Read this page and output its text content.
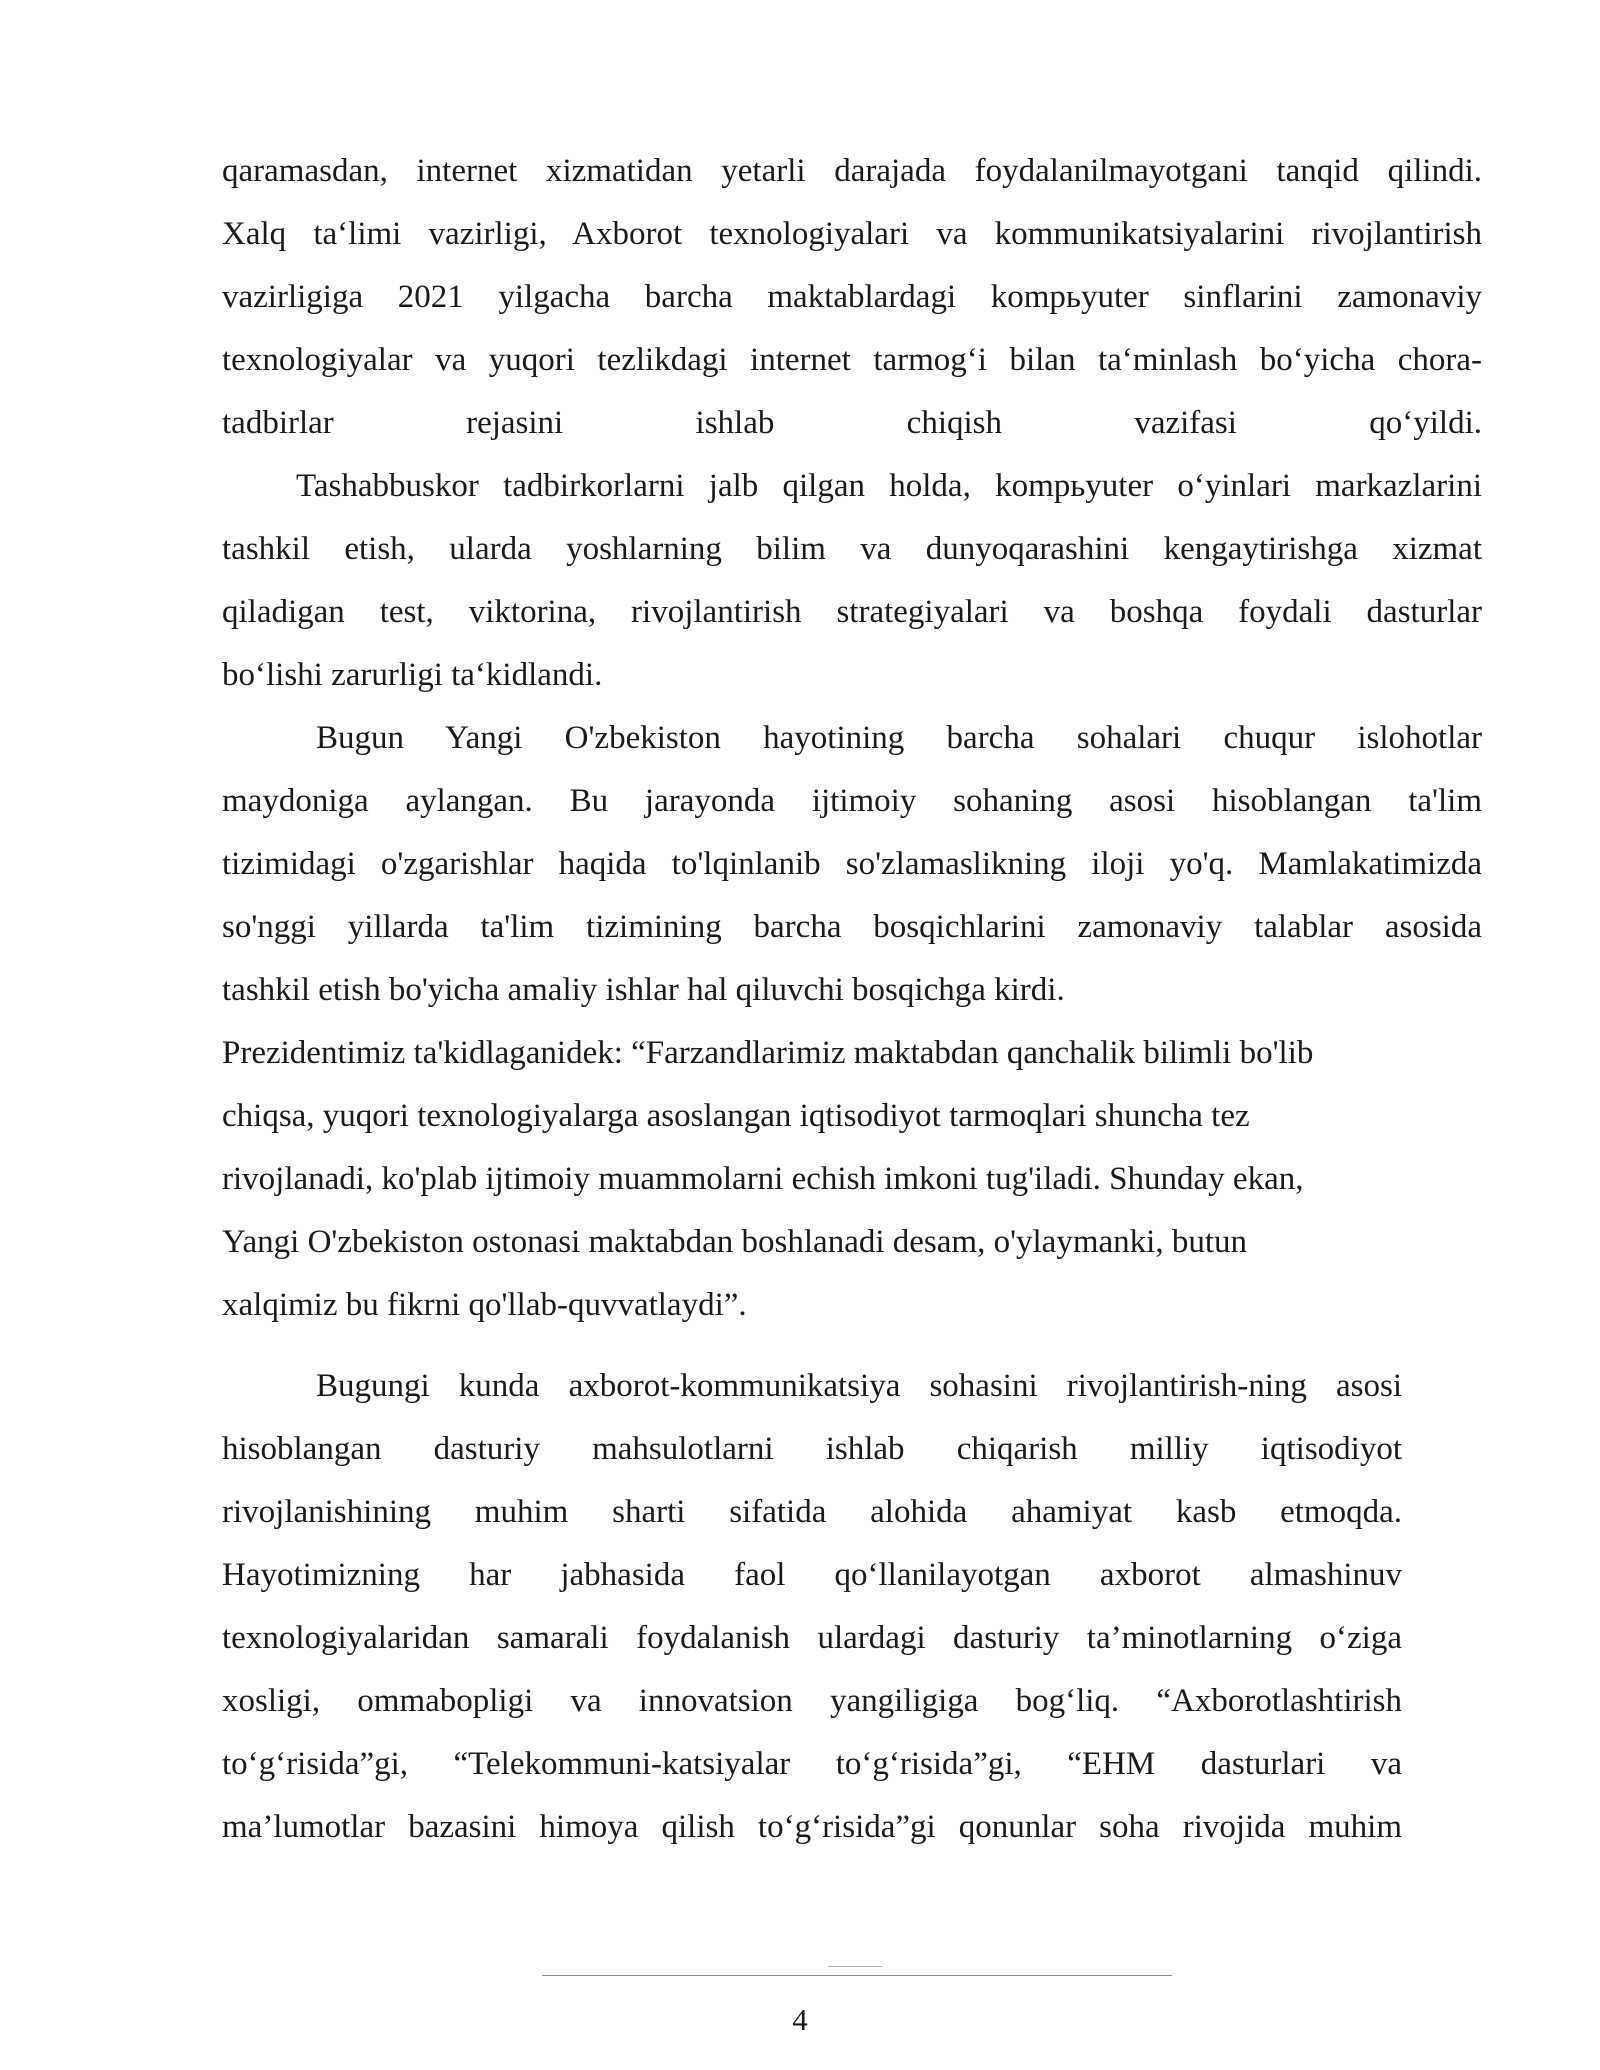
qaramasdan, internet xizmatidan yetarli darajada foydalanilmayotgani tanqid qilindi.
Xalq ta‘limi vazirligi, Axborot texnologiyalari va kommunikatsiyalarini rivojlantirish
vazirligiga 2021 yilgacha barcha maktablardagi kompьyuter sinflarini zamonaviy
texnologiyalar va yuqori tezlikdagi internet tarmog‘i bilan ta‘minlash bo‘yicha chora-
tadbirlar rejasini ishlab chiqish vazifasi qo‘yildi.
Tashabbuskor tadbirkorlarni jalb qilgan holda, kompьyuter o‘yinlari markazlarini
tashkil etish, ularda yoshlarning bilim va dunyoqarashini kengaytirishga xizmat
qiladigan test, viktorina, rivojlantirish strategiyalari va boshqa foydali dasturlar
bo‘lishi zarurligi ta‘kidlandi.
Bugun Yangi O'zbekiston hayotining barcha sohalari chuqur islohotlar
maydoniga aylangan. Bu jarayonda ijtimoiy sohaning asosi hisoblangan ta'lim
tizimidagi o'zgarishlar haqida to'lqinlanib so'zlamaslikning iloji yo'q. Mamlakatimizda
so'nggi yillarda ta'lim tizimining barcha bosqichlarini zamonaviy talablar asosida
tashkil etish bo'yicha amaliy ishlar hal qiluvchi bosqichga kirdi.
Prezidentimiz ta'kidlaganidek: “Farzandlarimiz maktabdan qanchalik bilimli bo'lib
chiqsa, yuqori texnologiyalarga asoslangan iqtisodiyot tarmoqlari shuncha tez
rivojlanadi, ko'plab ijtimoiy muammolarni echish imkoni tug'iladi. Shunday ekan,
Yangi O'zbekiston ostonasi maktabdan boshlanadi desam, o'ylaymanki, butun
xalqimiz bu fikrni qo'llab-quvvatlaydi”.
Bugungi kunda axborot-kommunikatsiya sohasini rivojlantirish-ning asosi
hisoblangan dasturiy mahsulotlarni ishlab chiqarish milliy iqtisodiyot
rivojlanishining muhim sharti sifatida alohida ahamiyat kasb etmoqda.
Hayotimizning har jabhasida faol qo‘llanilayotgan axborot almashinuv
texnologiyalaridan samarali foydalanish ulardagi dasturiy ta’minotlarning o‘ziga
xosligi, ommabopligi va innovatsion yangiligiga bog‘liq. “Axborotlashtirish
to‘g‘risida”gi, “Telekommuni-katsiyalar to‘g‘risida”gi, “EHM dasturlari va
ma’lumotlar bazasini himoya qilish to‘g‘risida”gi qonunlar soha rivojida muhim
4
